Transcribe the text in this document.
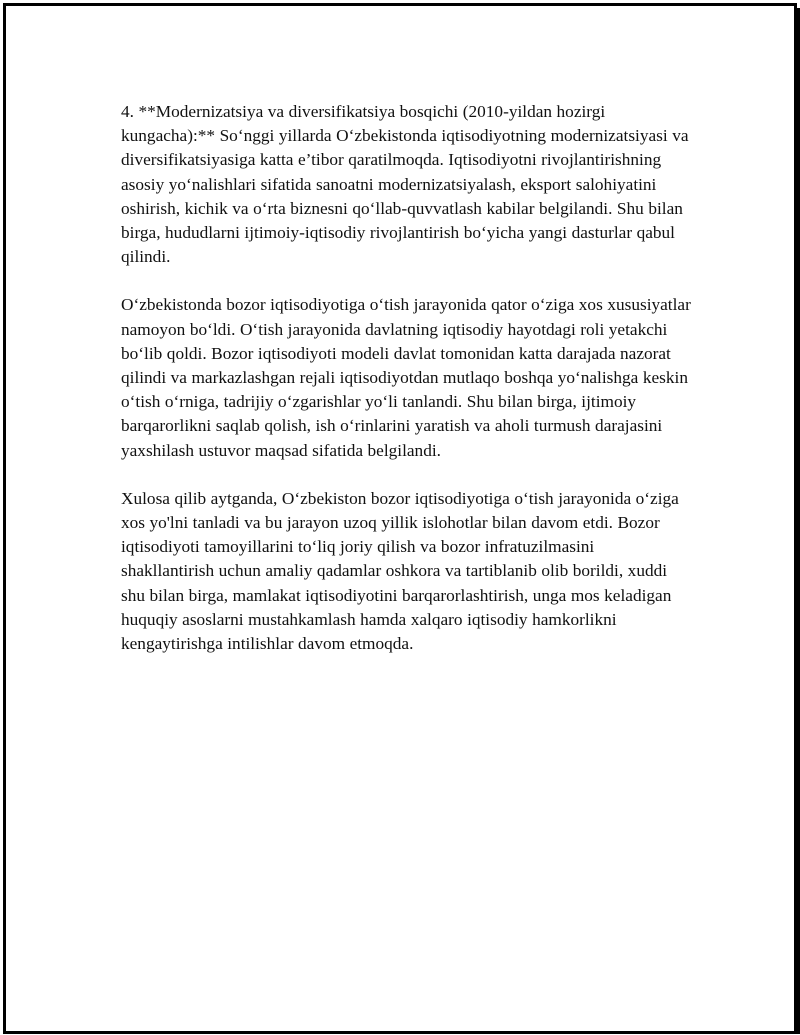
4. **Modernizatsiya va diversifikatsiya bosqichi (2010-yildan hozirgi kungacha):** So‘nggi yillarda O‘zbekistonda iqtisodiyotning modernizatsiyasi va diversifikatsiyasiga katta e’tibor qaratilmoqda. Iqtisodiyotni rivojlantirishning asosiy yo‘nalishlari sifatida sanoatni modernizatsiyalash, eksport salohiyatini oshirish, kichik va o‘rta biznesni qo‘llab-quvvatlash kabilar belgilandi. Shu bilan birga, hududlarni ijtimoiy-iqtisodiy rivojlantirish bo‘yicha yangi dasturlar qabul qilindi.

O‘zbekistonda bozor iqtisodiyotiga o‘tish jarayonida qator o‘ziga xos xususiyatlar namoyon bo‘ldi. O‘tish jarayonida davlatning iqtisodiy hayotdagi roli yetakchi bo‘lib qoldi. Bozor iqtisodiyoti modeli davlat tomonidan katta darajada nazorat qilindi va markazlashgan rejali iqtisodiyotdan mutlaqo boshqa yo‘nalishga keskin o‘tish o‘rniga, tadrijiy o‘zgarishlar yo‘li tanlandi. Shu bilan birga, ijtimoiy barqarorlikni saqlab qolish, ish o‘rinlarini yaratish va aholi turmush darajasini yaxshilash ustuvor maqsad sifatida belgilandi.

Xulosa qilib aytganda, O‘zbekiston bozor iqtisodiyotiga o‘tish jarayonida o‘ziga xos yo'lni tanladi va bu jarayon uzoq yillik islohotlar bilan davom etdi. Bozor iqtisodiyoti tamoyillarini to‘liq joriy qilish va bozor infratuzilmasini shakllantirish uchun amaliy qadamlar oshkora va tartiblanib olib borildi, xuddi shu bilan birga, mamlakat iqtisodiyotini barqarorlashtirish, unga mos keladigan huquqiy asoslarni mustahkamlash hamda xalqaro iqtisodiy hamkorlikni kengaytirishga intilishlar davom etmoqda.
